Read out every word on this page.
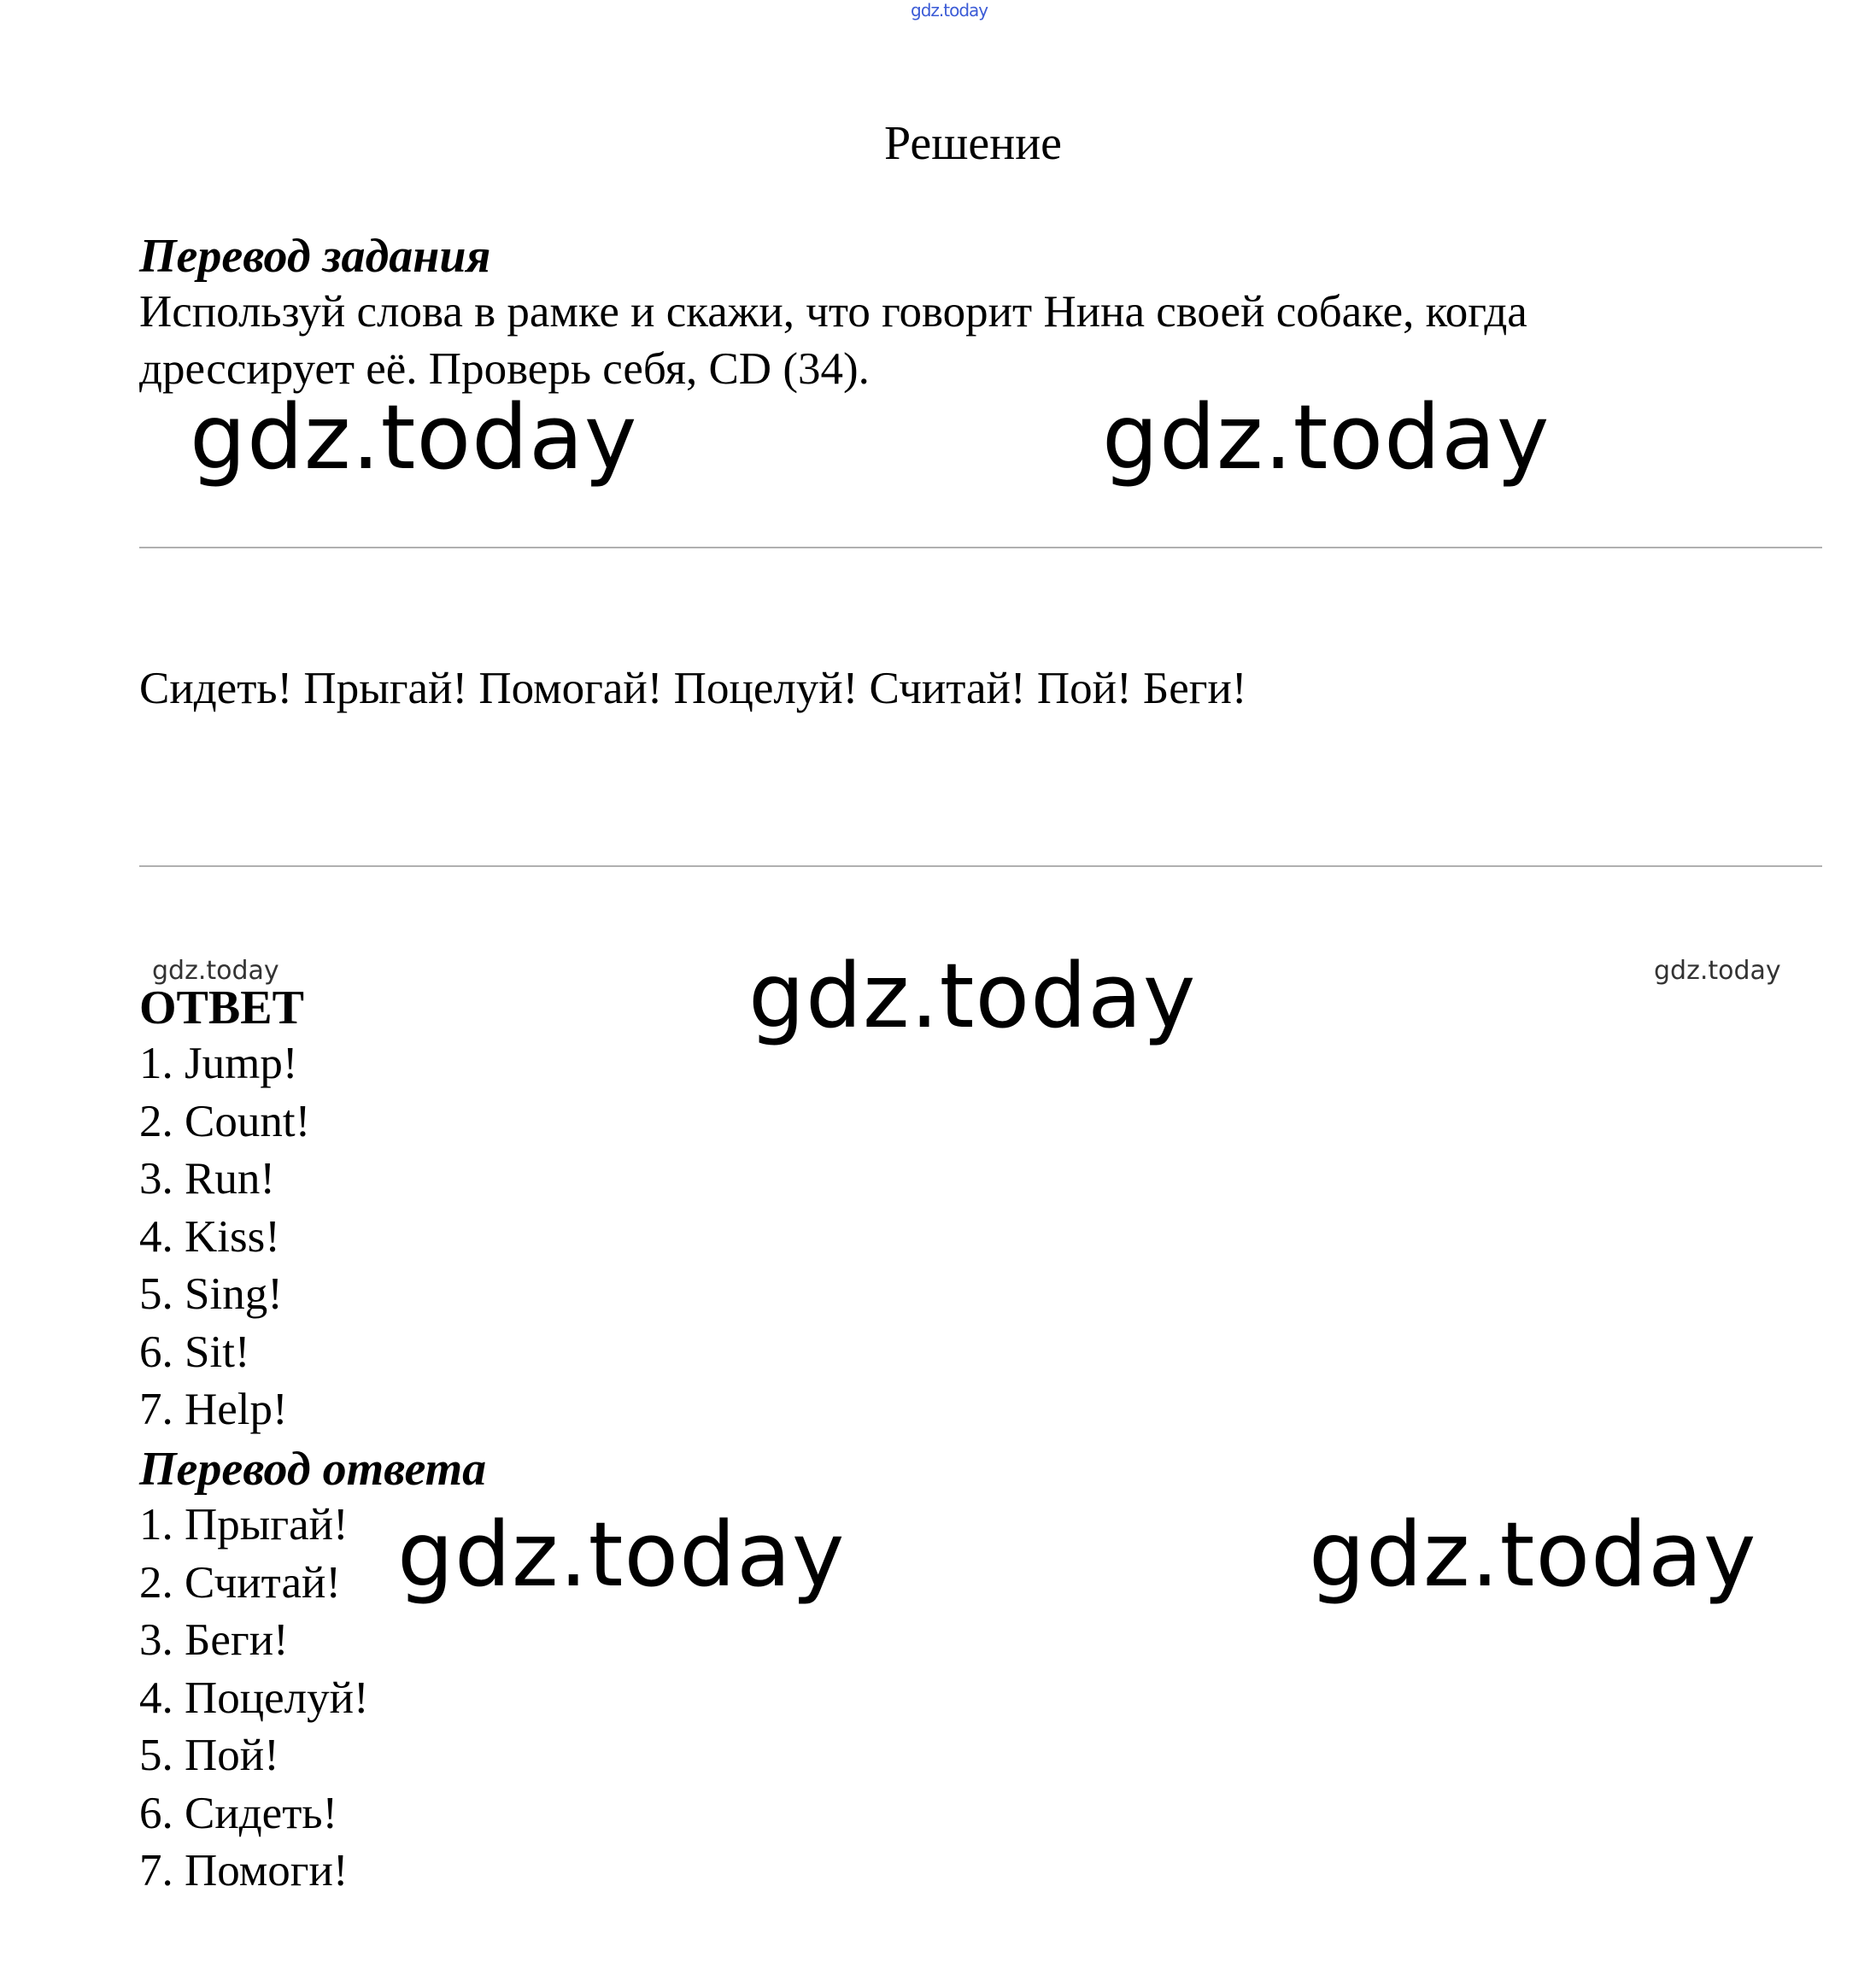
gdz.today
Решение
Перевод задания
Используй слова в рамке и скажи, что говорит Нина своей собаке, когда
дрессирует её. Проверь себя, CD (34).
gdz.today	gdz.today
Сидеть! Прыгай! Помогай! Поцелуй! Считай! Пой! Беги!
gdz.today	gdz.today
gdz.today
ОТВЕТ
1. Jump!
2. Count!
3. Run!
4. Kiss!
5. Sing!
6. Sit!
7. Help!
Перевод ответа
1. Прыгай!
2. Считай!
3. Беги!
4. Поцелуй!
5. Пой!
6. Сидеть!
7. Помоги!
gdz.today	gdz.today
